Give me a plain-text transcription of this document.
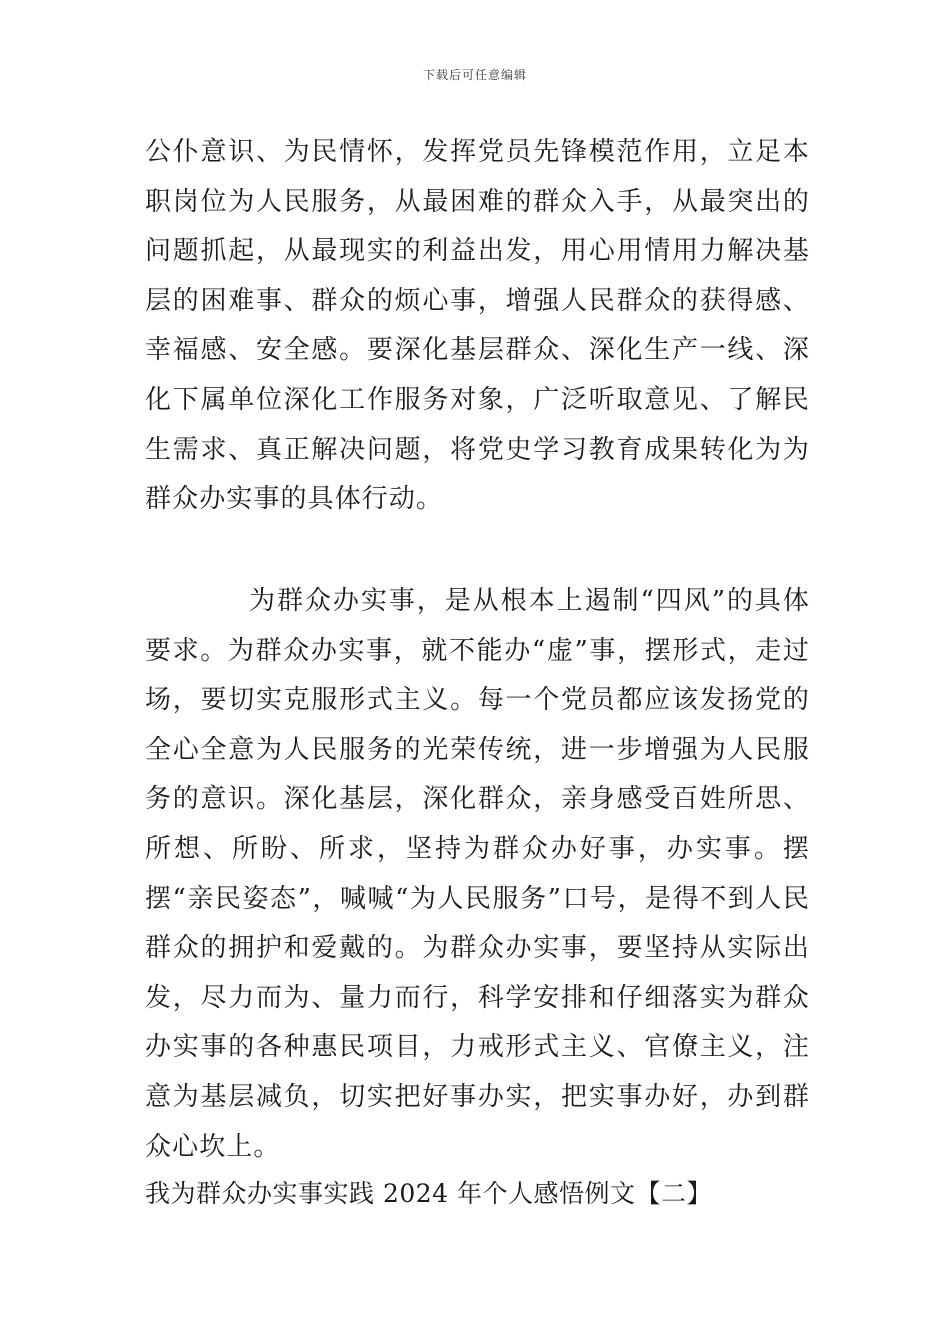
下载后可任意编辑

公仆意识、为民情怀，发挥党员先锋模范作用，立足本职岗位为人民服务，从最困难的群众入手，从最突出的问题抓起，从最现实的利益出发，用心用情用力解决基层的困难事、群众的烦心事，增强人民群众的获得感、幸福感、安全感。要深化基层群众、深化生产一线、深化下属单位深化工作服务对象，广泛听取意见、了解民生需求、真正解决问题，将党史学习教育成果转化为为群众办实事的具体行动。

为群众办实事，是从根本上遏制“四风”的具体要求。为群众办实事，就不能办“虚”事，摆形式，走过场，要切实克服形式主义。每一个党员都应该发扬党的全心全意为人民服务的光荣传统，进一步增强为人民服务的意识。深化基层，深化群众，亲身感受百姓所思、所想、所盼、所求，坚持为群众办好事，办实事。摆摆“亲民姿态”，喊喊“为人民服务”口号，是得不到人民群众的拥护和爱戴的。为群众办实事，要坚持从实际出发，尽力而为、量力而行，科学安排和仔细落实为群众办实事的各种惠民项目，力戒形式主义、官僚主义，注意为基层减负，切实把好事办实，把实事办好，办到群众心坎上。

我为群众办实事实践 2024 年个人感悟例文【二】
